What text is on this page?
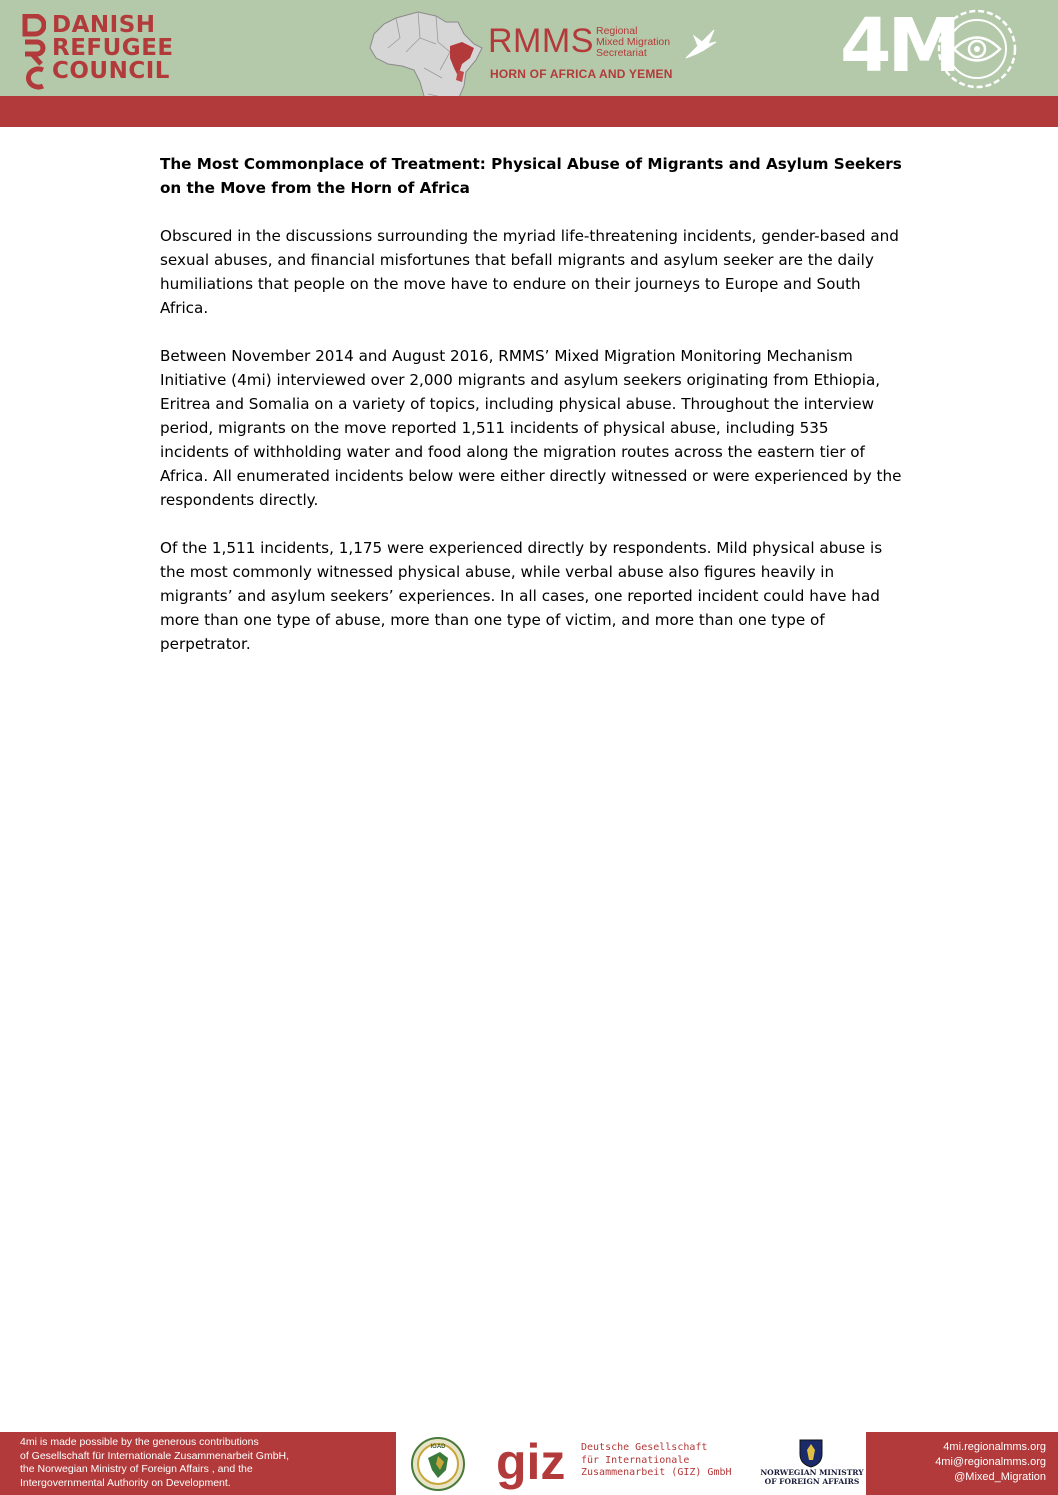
DANISH
REFUGEE
COUNCIL
RMMS Regional
Mixed Migration
Secretariat
HORN OF AFRICA AND YEMEN 4M
4mi Focus: Physical Abuse (August 2016)	Mixed Migration Monitoring Mechanism Initiative

The Most Commonplace of Treatment: Physical Abuse of Migrants and Asylum Seekers on the Move from the Horn of Africa

Obscured in the discussions surrounding the myriad life-threatening incidents, gender-based and sexual abuses, and financial misfortunes that befall migrants and asylum seeker are the daily humiliations that people on the move have to endure on their journeys to Europe and South Africa.

Between November 2014 and August 2016, RMMS’ Mixed Migration Monitoring Mechanism Initiative (4mi) interviewed over 2,000 migrants and asylum seekers originating from Ethiopia, Eritrea and Somalia on a variety of topics, including physical abuse. Throughout the interview period, migrants on the move reported 1,511 incidents of physical abuse, including 535 incidents of withholding water and food along the migration routes across the eastern tier of Africa. All enumerated incidents below were either directly witnessed or were experienced by the respondents directly.

Of the 1,511 incidents, 1,175 were experienced directly by respondents. Mild physical abuse is the most commonly witnessed physical abuse, while verbal abuse also figures heavily in migrants’ and asylum seekers’ experiences. In all cases, one reported incident could have had more than one type of abuse, more than one type of victim, and more than one type of perpetrator.

4mi is made possible by the generous contributions
of Gesellschaft für Internationale Zusammenarbeit GmbH,
the Norwegian Ministry of Foreign Affairs , and the
Intergovernmental Authority on Development.
IGAD giz Deutsche Gesellschaft
für Internationale
Zusammenarbeit (GIZ) GmbH	NORWEGIAN MINISTRY
OF FOREIGN AFFAIRS
4mi.regionalmms.org
4mi@regionalmms.org
@Mixed_Migration
